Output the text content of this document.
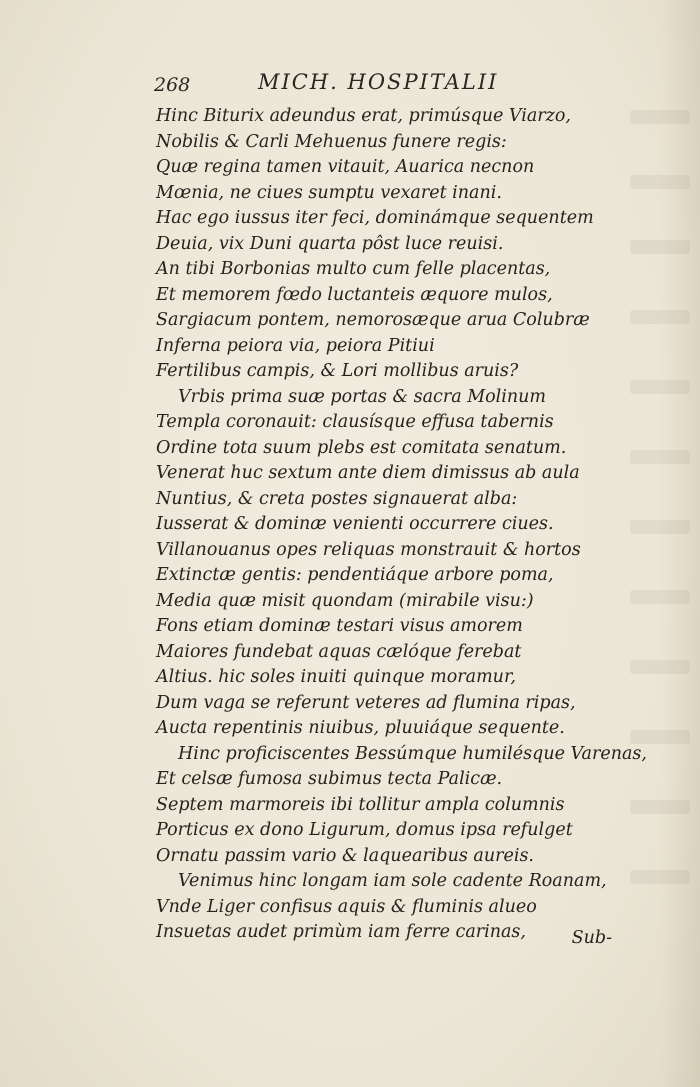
268	MICH. HOSPITALII
Hinc Biturix adeundus erat, primúsque Viarzo,
Nobilis & Carli Mehuenus funere regis:
Quæ regina tamen vitauit, Auarica necnon
Mœnia, ne ciues sumptu vexaret inani.
Hac ego iussus iter feci, dominámque sequentem
Deuia, vix Duni quarta pôst luce reuisi.
An tibi Borbonias multo cum felle placentas,
Et memorem fœdo luctanteis æquore mulos,
Sargiacum pontem, nemorosæque arua Colubræ
Inferna peiora via, peiora Pitiui
Fertilibus campis, & Lori mollibus aruis?
Vrbis prima suæ portas & sacra Molinum
Templa coronauit: clausísque effusa tabernis
Ordine tota suum plebs est comitata senatum.
Venerat huc sextum ante diem dimissus ab aula
Nuntius, & creta postes signauerat alba:
Iusserat & dominæ venienti occurrere ciues.
Villanouanus opes reliquas monstrauit & hortos
Extinctæ gentis: pendentiáque arbore poma,
Media quæ misit quondam (mirabile visu:)
Fons etiam dominæ testari visus amorem
Maiores fundebat aquas cælóque ferebat
Altius. hic soles inuiti quinque moramur,
Dum vaga se referunt veteres ad flumina ripas,
Aucta repentinis niuibus, pluuiáque sequente.
Hinc proficiscentes Bessúmque humilésque Varenas,
Et celsæ fumosa subimus tecta Palicæ.
Septem marmoreis ibi tollitur ampla columnis
Porticus ex dono Ligurum, domus ipsa refulget
Ornatu passim vario & laquearibus aureis.
Venimus hinc longam iam sole cadente Roanam,
Vnde Liger confisus aquis & fluminis alueo
Insuetas audet primùm iam ferre carinas,	Sub-
